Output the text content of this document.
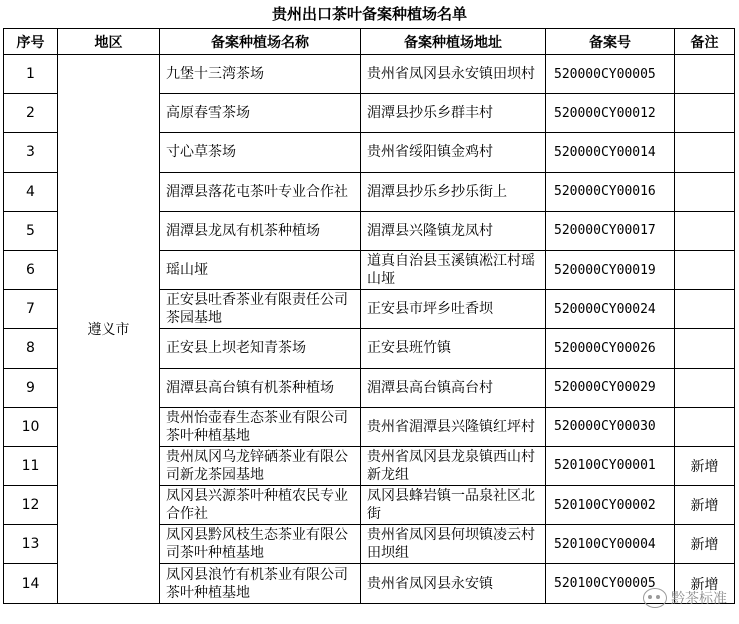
贵州出口茶叶备案种植场名单
序号	地区	备案种植场名称	备案种植场地址	备案号	备注
1	遵义市	九堡十三湾茶场	贵州省凤冈县永安镇田坝村	520000CY00005	
2		高原春雪茶场	湄潭县抄乐乡群丰村	520000CY00012	
3		寸心草茶场	贵州省绥阳镇金鸡村	520000CY00014	
4		湄潭县落花屯茶叶专业合作社	湄潭县抄乐乡抄乐街上	520000CY00016	
5		湄潭县龙凤有机茶种植场	湄潭县兴隆镇龙凤村	520000CY00017	
6		瑶山垭	道真自治县玉溪镇凇江村瑶山垭	520000CY00019	
7		正安县吐香茶业有限责任公司茶园基地	正安县市坪乡吐香坝	520000CY00024	
8		正安县上坝老知青茶场	正安县班竹镇	520000CY00026	
9		湄潭县高台镇有机茶种植场	湄潭县高台镇高台村	520000CY00029	
10		贵州怡壶春生态茶业有限公司茶叶种植基地	贵州省湄潭县兴隆镇红坪村	520000CY00030	
11		贵州凤冈乌龙锌硒茶业有限公司新龙茶园基地	贵州省凤冈县龙泉镇西山村新龙组	520100CY00001	新增
12		凤冈县兴源茶叶种植农民专业合作社	凤冈县蜂岩镇一品泉社区北街	520100CY00002	新增
13		凤冈县黔风枝生态茶业有限公司茶叶种植基地	贵州省凤冈县何坝镇凌云村田坝组	520100CY00004	新增
14		凤冈县浪竹有机茶业有限公司茶叶种植基地	贵州省凤冈县永安镇	520100CY00005	新增
黔茶标准
